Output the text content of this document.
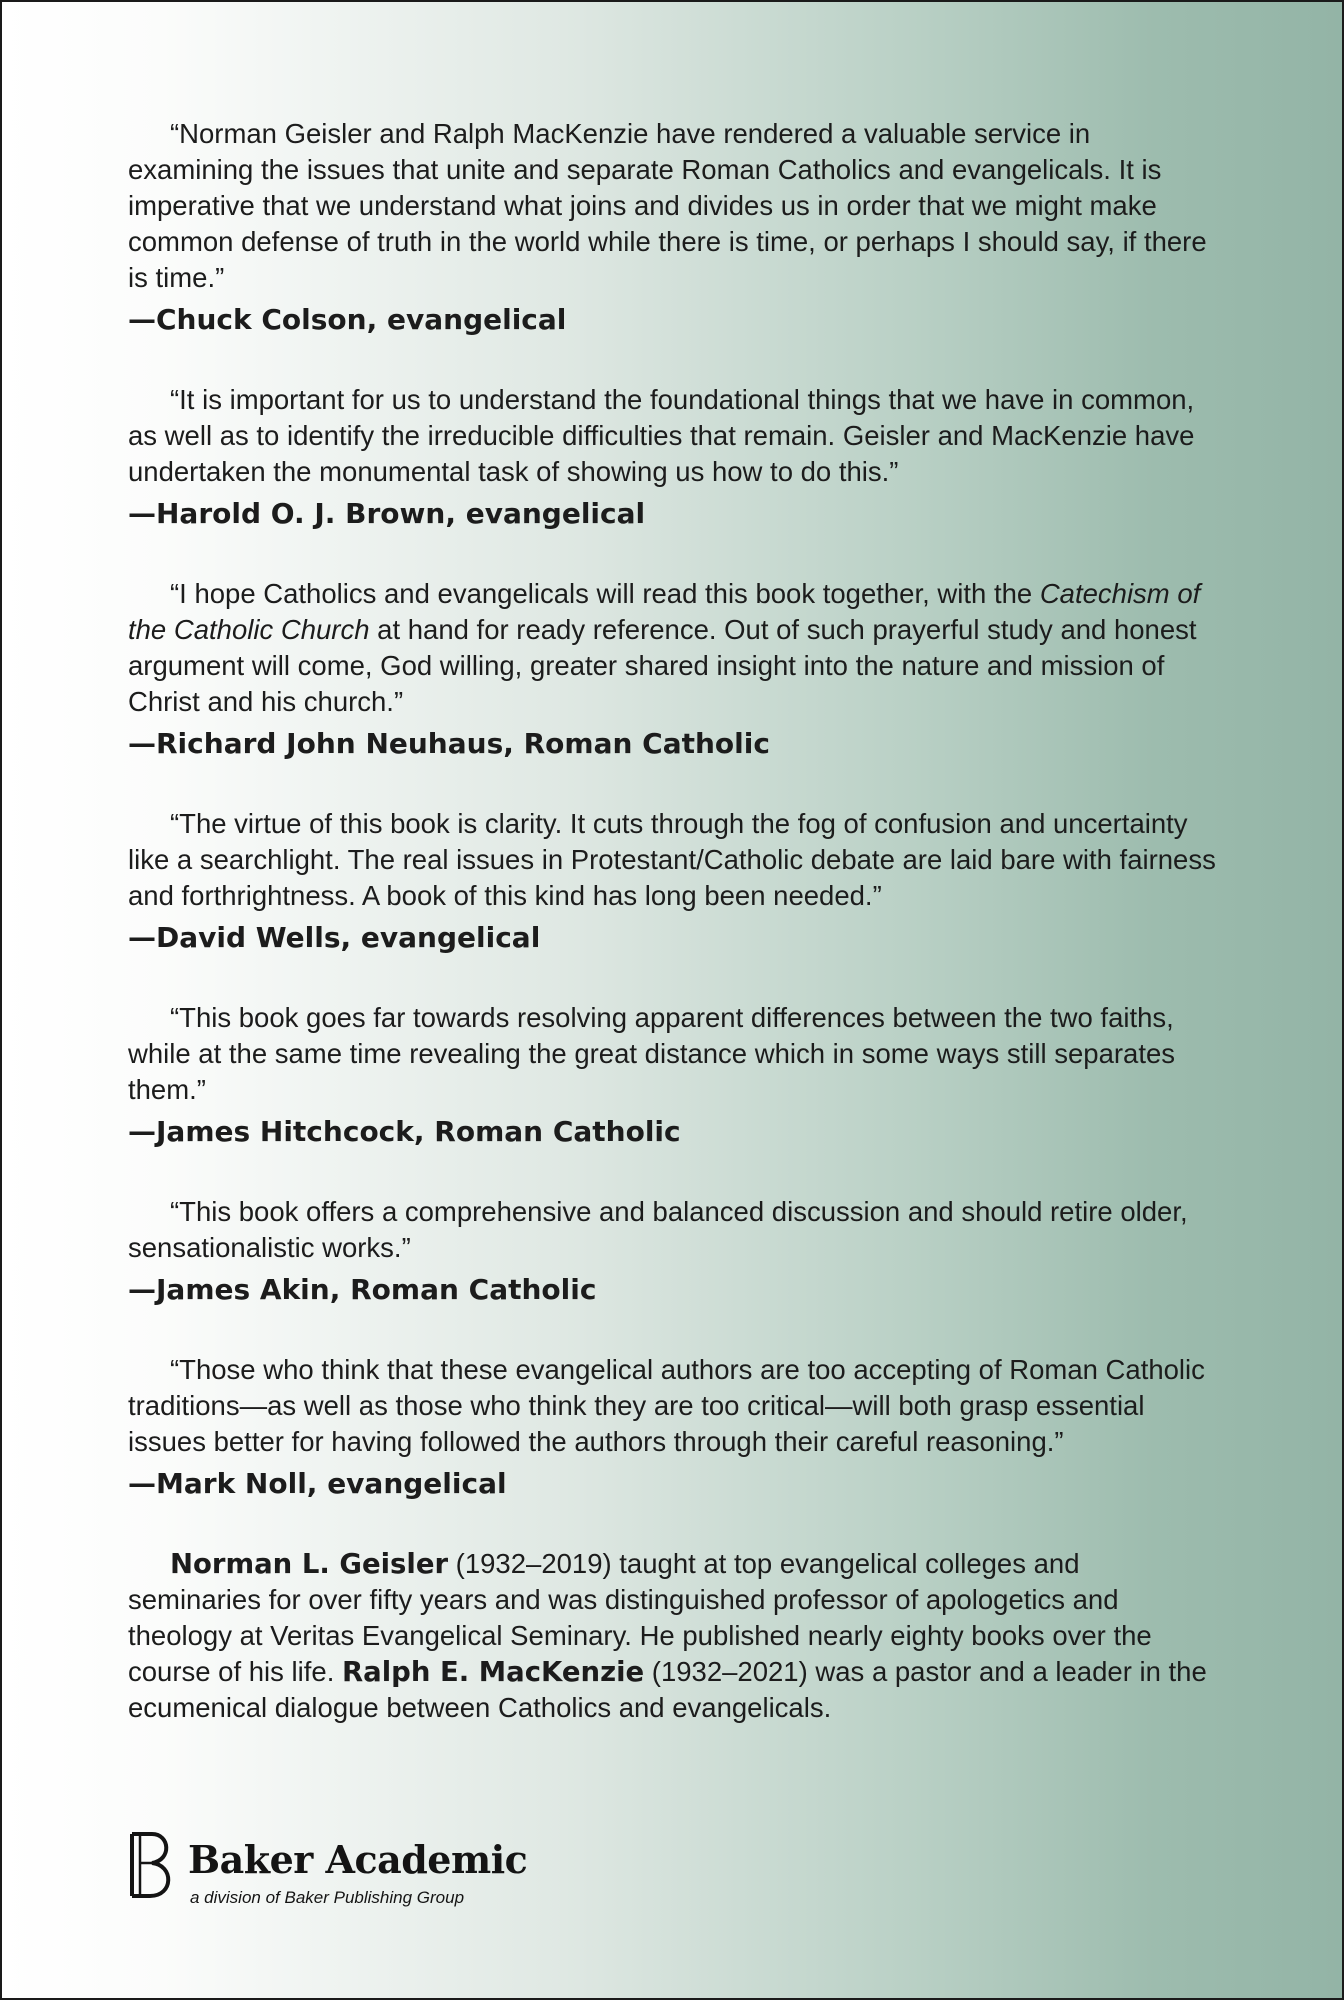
“Norman Geisler and Ralph MacKenzie have rendered a valuable service in examining the issues that unite and separate Roman Catholics and evangelicals. It is imperative that we understand what joins and divides us in order that we might make common defense of truth in the world while there is time, or perhaps I should say, if there is time.”

—Chuck Colson, evangelical

“It is important for us to understand the foundational things that we have in common, as well as to identify the irreducible difficulties that remain. Geisler and MacKenzie have undertaken the monumental task of showing us how to do this.”

—Harold O. J. Brown, evangelical

“I hope Catholics and evangelicals will read this book together, with the Catechism of the Catholic Church at hand for ready reference. Out of such prayerful study and honest argument will come, God willing, greater shared insight into the nature and mission of Christ and his church.”

—Richard John Neuhaus, Roman Catholic

“The virtue of this book is clarity. It cuts through the fog of confusion and uncertainty like a searchlight. The real issues in Protestant/Catholic debate are laid bare with fairness and forthrightness. A book of this kind has long been needed.”

—David Wells, evangelical

“This book goes far towards resolving apparent differences between the two faiths, while at the same time revealing the great distance which in some ways still separates them.”

—James Hitchcock, Roman Catholic

“This book offers a comprehensive and balanced discussion and should retire older, sensationalistic works.”

—James Akin, Roman Catholic

“Those who think that these evangelical authors are too accepting of Roman Catholic traditions—as well as those who think they are too critical—will both grasp essential issues better for having followed the authors through their careful reasoning.”

—Mark Noll, evangelical

Norman L. Geisler (1932–2019) taught at top evangelical colleges and seminaries for over fifty years and was distinguished professor of apologetics and theology at Veritas Evangelical Seminary. He published nearly eighty books over the course of his life. Ralph E. MacKenzie (1932–2021) was a pastor and a leader in the ecumenical dialogue between Catholics and evangelicals.

Baker Academic
a division of Baker Publishing Group
